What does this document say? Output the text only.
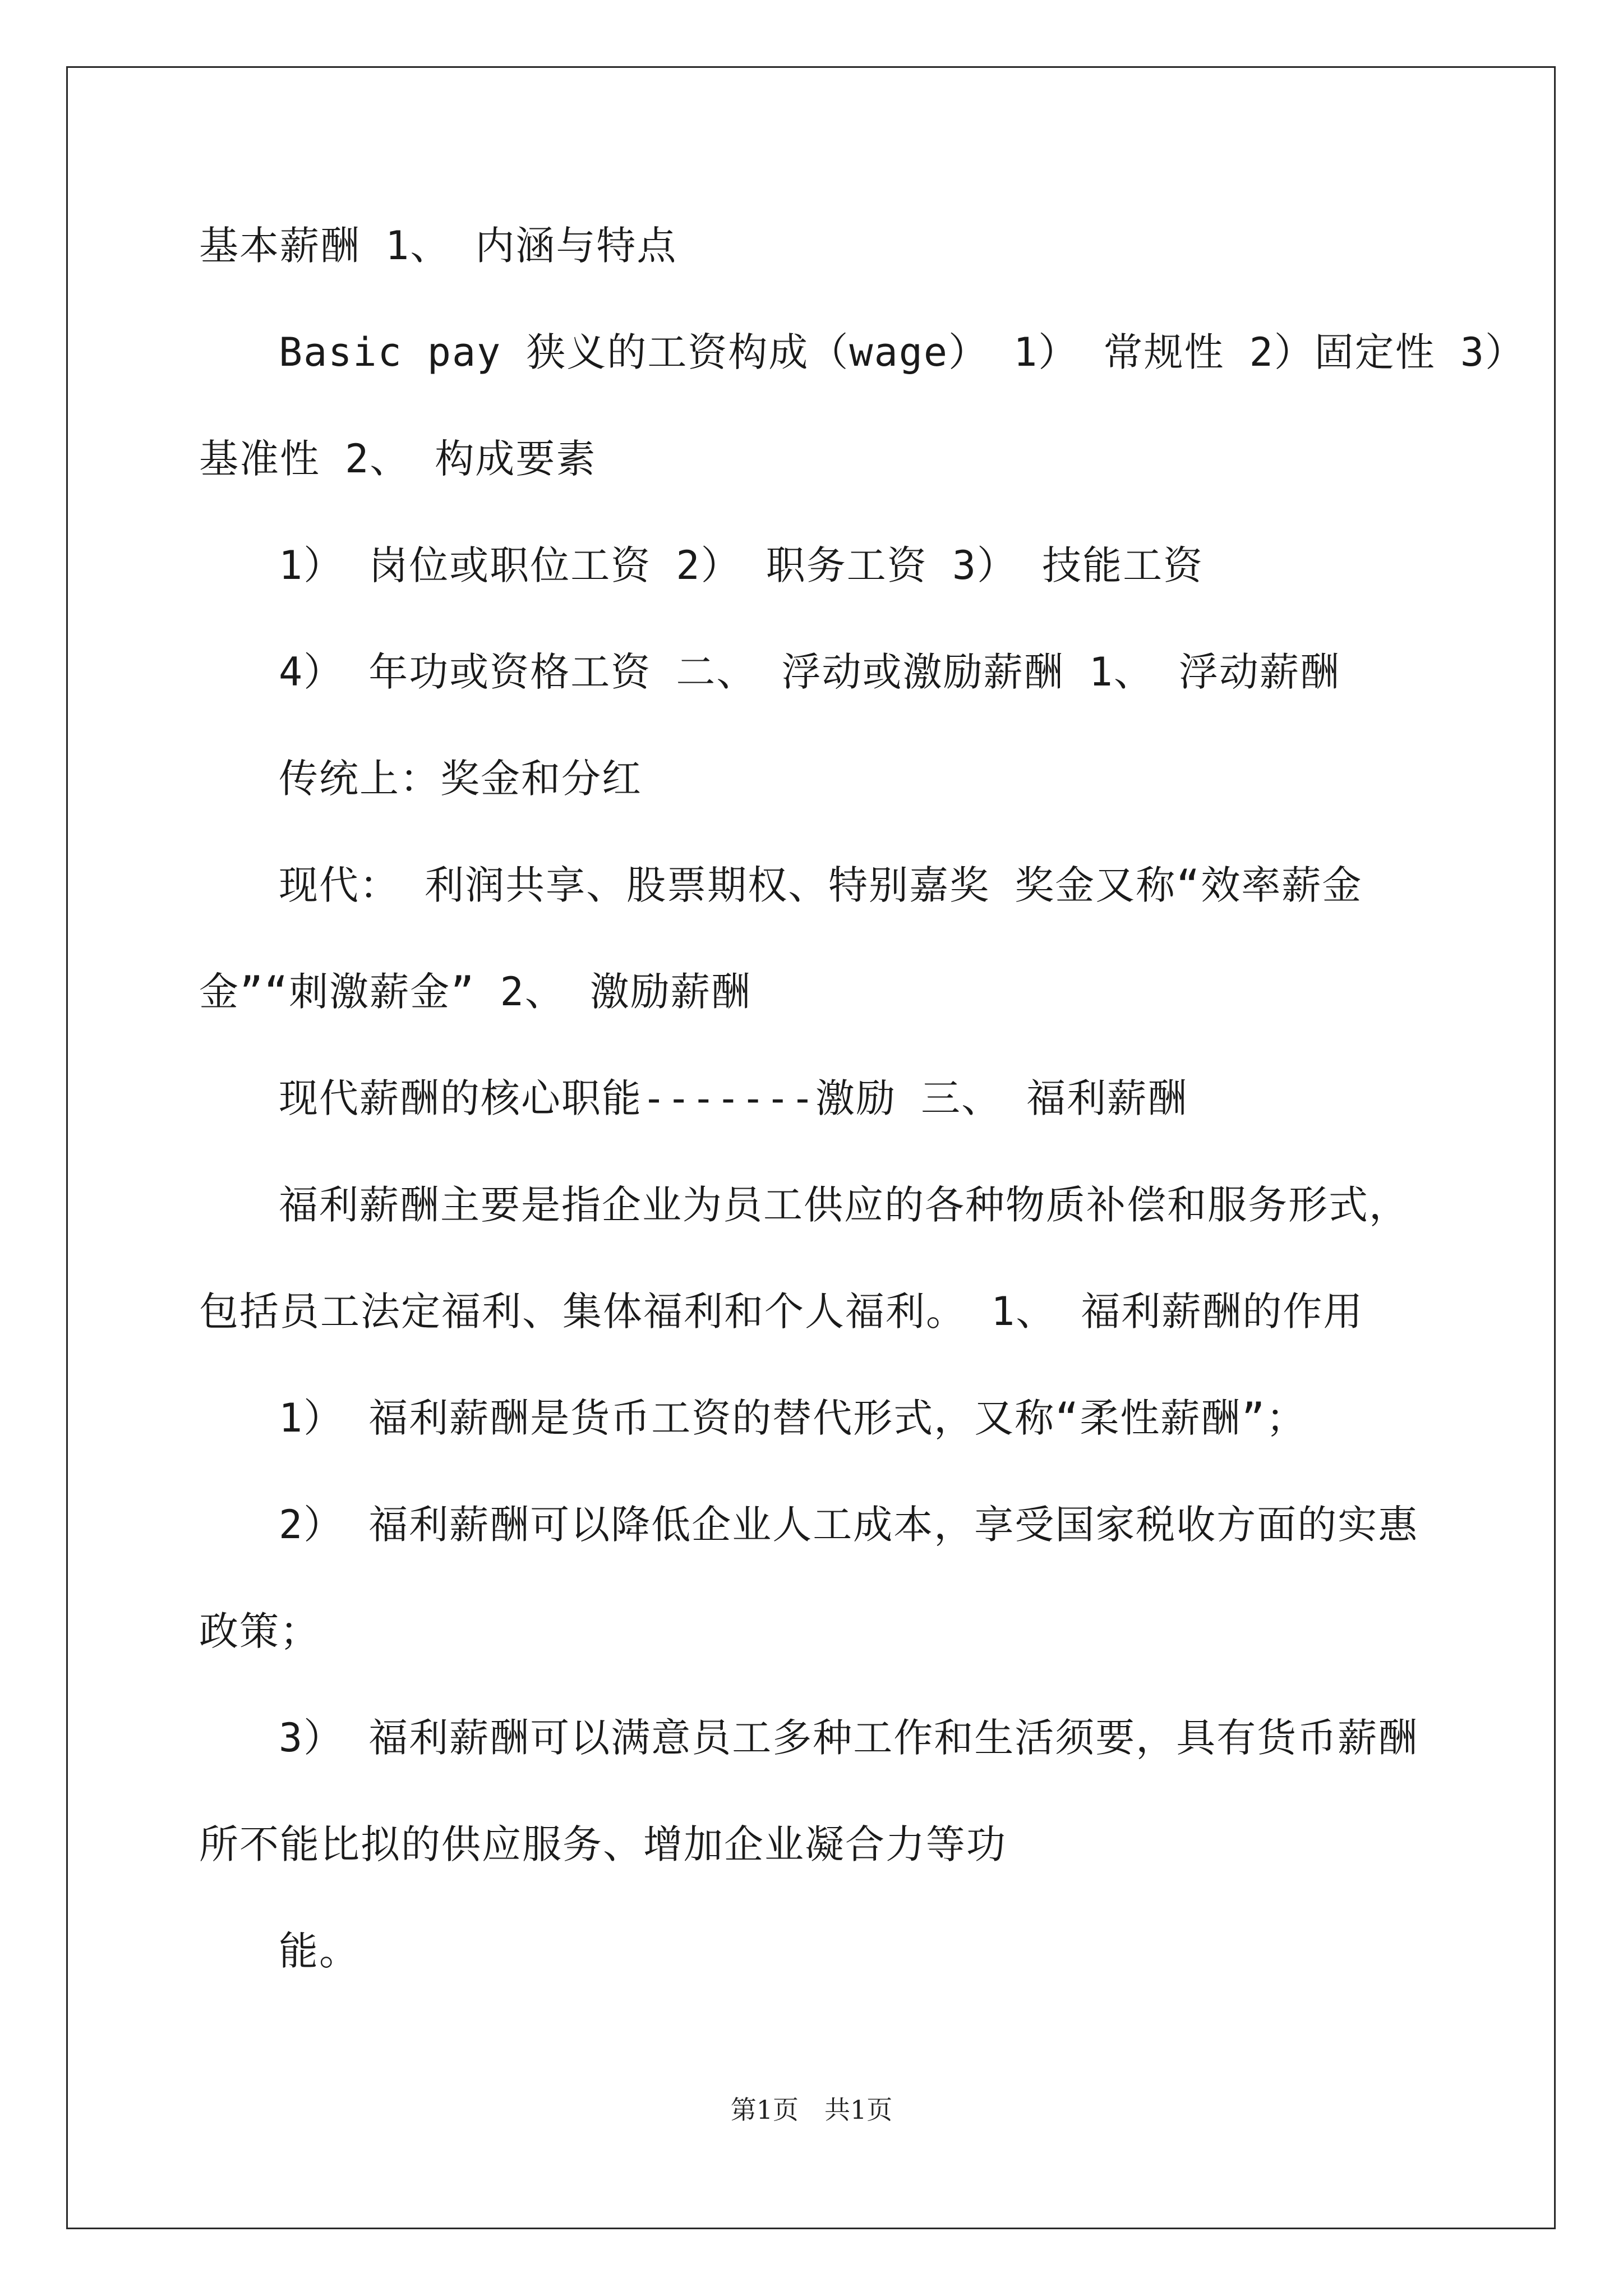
基本薪酬 1、 内涵与特点
Basic pay 狭义的工资构成（wage） 1） 常规性 2）固定性 3）
基准性 2、 构成要素
1） 岗位或职位工资 2） 职务工资 3） 技能工资
4） 年功或资格工资 二、 浮动或激励薪酬 1、 浮动薪酬
传统上：奖金和分红
现代： 利润共享、股票期权、特别嘉奖 奖金又称“效率薪金
金”“刺激薪金” 2、 激励薪酬
现代薪酬的核心职能-------激励 三、 福利薪酬
福利薪酬主要是指企业为员工供应的各种物质补偿和服务形式，
包括员工法定福利、集体福利和个人福利。 1、 福利薪酬的作用
1） 福利薪酬是货币工资的替代形式，又称“柔性薪酬”；
2） 福利薪酬可以降低企业人工成本，享受国家税收方面的实惠
政策；
3） 福利薪酬可以满意员工多种工作和生活须要，具有货币薪酬
所不能比拟的供应服务、增加企业凝合力等功
能。
第1页　共1页
